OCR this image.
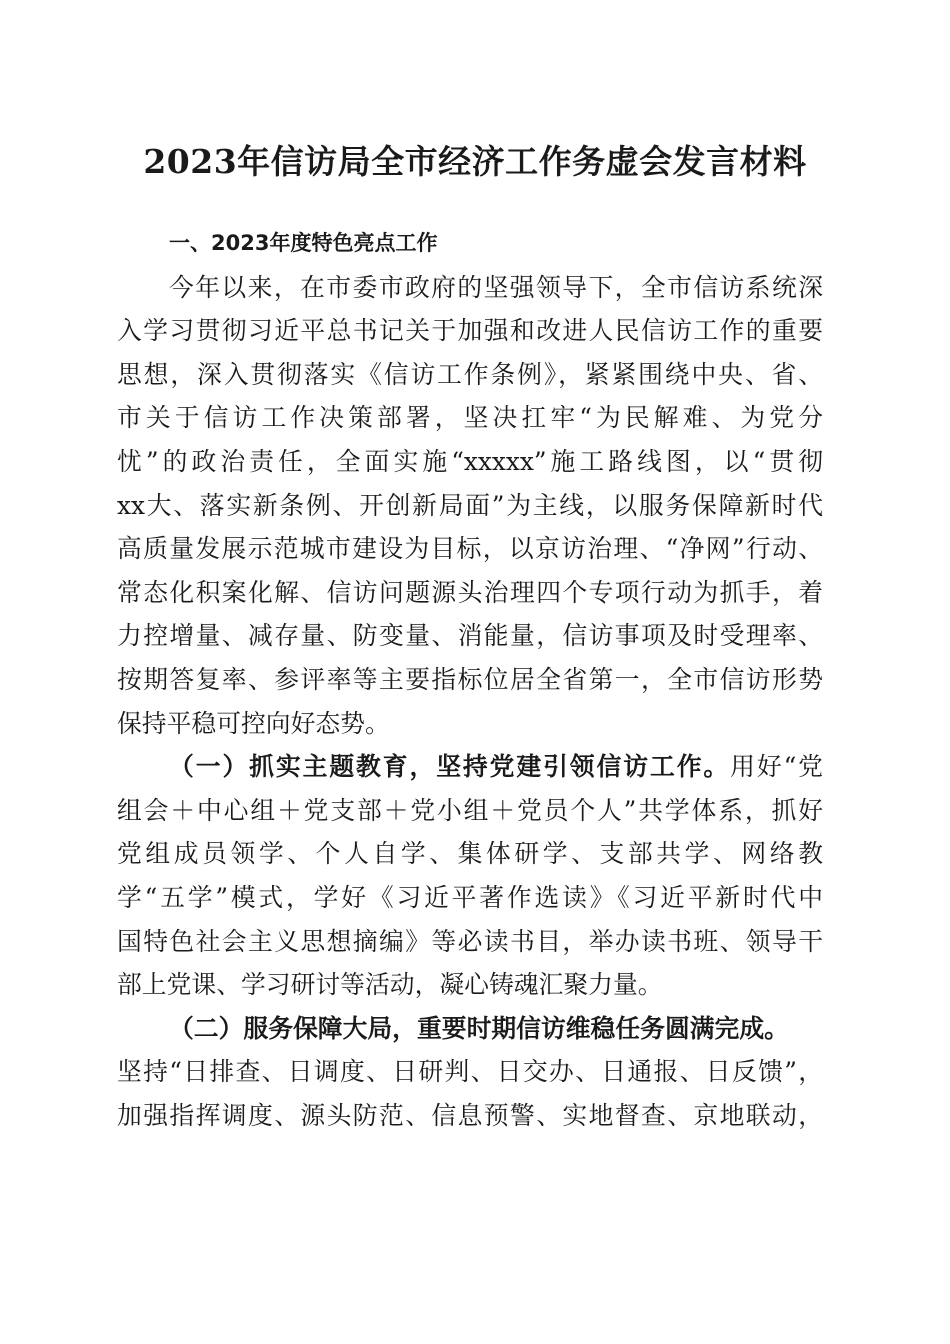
2023年信访局全市经济工作务虚会发言材料
一、2023年度特色亮点工作
今年以来，在市委市政府的坚强领导下，全市信访系统深
入学习贯彻习近平总书记关于加强和改进人民信访工作的重要
思想，深入贯彻落实《信访工作条例》，紧紧围绕中央、省、
市关于信访工作决策部署，坚决扛牢“为民解难、为党分
忧”的政治责任，全面实施“xxxxx”施工路线图，以“贯彻
xx大、落实新条例、开创新局面”为主线，以服务保障新时代
高质量发展示范城市建设为目标，以京访治理、“净网”行动、
常态化积案化解、信访问题源头治理四个专项行动为抓手，着
力控增量、减存量、防变量、消能量，信访事项及时受理率、
按期答复率、参评率等主要指标位居全省第一，全市信访形势
保持平稳可控向好态势。
（一）抓实主题教育，坚持党建引领信访工作。用好“党
组会＋中心组＋党支部＋党小组＋党员个人”共学体系，抓好
党组成员领学、个人自学、集体研学、支部共学、网络教
学“五学”模式，学好《习近平著作选读》《习近平新时代中
国特色社会主义思想摘编》等必读书目，举办读书班、领导干
部上党课、学习研讨等活动，凝心铸魂汇聚力量。
（二）服务保障大局，重要时期信访维稳任务圆满完成。
坚持“日排查、日调度、日研判、日交办、日通报、日反馈”，
加强指挥调度、源头防范、信息预警、实地督查、京地联动，
